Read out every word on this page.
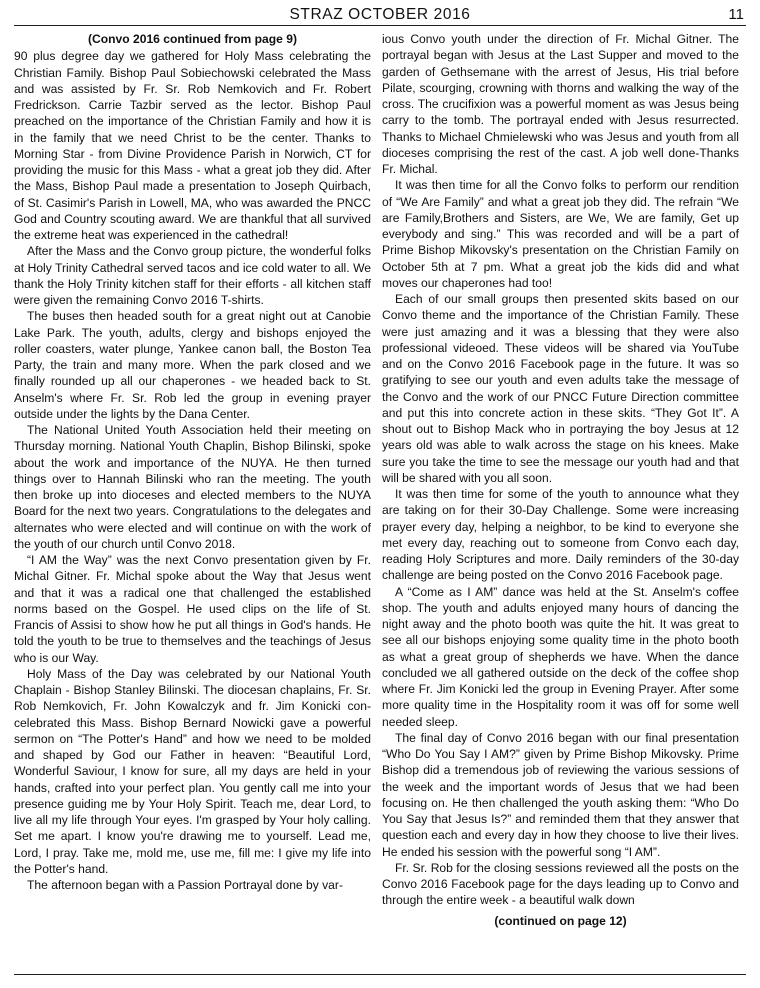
STRAZ OCTOBER 2016	11
(Convo 2016 continued from page 9)

90 plus degree day we gathered for Holy Mass celebrating the Christian Family. Bishop Paul Sobiechowski celebrated the Mass and was assisted by Fr. Sr. Rob Nemkovich and Fr. Robert Fredrickson. Carrie Tazbir served as the lector. Bishop Paul preached on the importance of the Christian Family and how it is in the family that we need Christ to be the center. Thanks to Morning Star - from Divine Providence Parish in Norwich, CT for providing the music for this Mass - what a great job they did. After the Mass, Bishop Paul made a presentation to Joseph Quirbach, of St. Casimir's Parish in Lowell, MA, who was awarded the PNCC God and Country scouting award. We are thankful that all survived the extreme heat was experienced in the cathedral!

After the Mass and the Convo group picture, the wonderful folks at Holy Trinity Cathedral served tacos and ice cold water to all. We thank the Holy Trinity kitchen staff for their efforts - all kitchen staff were given the remaining Convo 2016 T-shirts.

The buses then headed south for a great night out at Canobie Lake Park. The youth, adults, clergy and bishops enjoyed the roller coasters, water plunge, Yankee canon ball, the Boston Tea Party, the train and many more. When the park closed and we finally rounded up all our chaperones - we headed back to St. Anselm's where Fr. Sr. Rob led the group in evening prayer outside under the lights by the Dana Center.

The National United Youth Association held their meeting on Thursday morning. National Youth Chaplin, Bishop Bilinski, spoke about the work and importance of the NUYA. He then turned things over to Hannah Bilinski who ran the meeting. The youth then broke up into dioceses and elected members to the NUYA Board for the next two years. Congratulations to the delegates and alternates who were elected and will continue on with the work of the youth of our church until Convo 2018.

“I AM the Way” was the next Convo presentation given by Fr. Michal Gitner. Fr. Michal spoke about the Way that Jesus went and that it was a radical one that challenged the established norms based on the Gospel. He used clips on the life of St. Francis of Assisi to show how he put all things in God's hands. He told the youth to be true to themselves and the teachings of Jesus who is our Way.

Holy Mass of the Day was celebrated by our National Youth Chaplain - Bishop Stanley Bilinski. The diocesan chaplains, Fr. Sr. Rob Nemkovich, Fr. John Kowalczyk and fr. Jim Konicki con-celebrated this Mass. Bishop Bernard Nowicki gave a powerful sermon on “The Potter's Hand” and how we need to be molded and shaped by God our Father in heaven: “Beautiful Lord, Wonderful Saviour, I know for sure, all my days are held in your hands, crafted into your perfect plan. You gently call me into your presence guiding me by Your Holy Spirit. Teach me, dear Lord, to live all my life through Your eyes. I'm grasped by Your holy calling. Set me apart. I know you're drawing me to yourself. Lead me, Lord, I pray. Take me, mold me, use me, fill me: I give my life into the Potter's hand.

The afternoon began with a Passion Portrayal done by var-

ious Convo youth under the direction of Fr. Michal Gitner. The portrayal began with Jesus at the Last Supper and moved to the garden of Gethsemane with the arrest of Jesus, His trial before Pilate, scourging, crowning with thorns and walking the way of the cross. The crucifixion was a powerful moment as was Jesus being carry to the tomb. The portrayal ended with Jesus resurrected. Thanks to Michael Chmielewski who was Jesus and youth from all dioceses comprising the rest of the cast. A job well done-Thanks Fr. Michal.

It was then time for all the Convo folks to perform our rendition of “We Are Family” and what a great job they did. The refrain “We are Family,Brothers and Sisters, are We, We are family, Get up everybody and sing.” This was recorded and will be a part of Prime Bishop Mikovsky's presentation on the Christian Family on October 5th at 7 pm. What a great job the kids did and what moves our chaperones had too!

Each of our small groups then presented skits based on our Convo theme and the importance of the Christian Family. These were just amazing and it was a blessing that they were also professional videoed. These videos will be shared via YouTube and on the Convo 2016 Facebook page in the future. It was so gratifying to see our youth and even adults take the message of the Convo and the work of our PNCC Future Direction committee and put this into concrete action in these skits. “They Got It”. A shout out to Bishop Mack who in portraying the boy Jesus at 12 years old was able to walk across the stage on his knees. Make sure you take the time to see the message our youth had and that will be shared with you all soon.

It was then time for some of the youth to announce what they are taking on for their 30-Day Challenge. Some were increasing prayer every day, helping a neighbor, to be kind to everyone she met every day, reaching out to someone from Convo each day, reading Holy Scriptures and more. Daily reminders of the 30-day challenge are being posted on the Convo 2016 Facebook page.

A “Come as I AM” dance was held at the St. Anselm's coffee shop. The youth and adults enjoyed many hours of dancing the night away and the photo booth was quite the hit. It was great to see all our bishops enjoying some quality time in the photo booth as what a great group of shepherds we have. When the dance concluded we all gathered outside on the deck of the coffee shop where Fr. Jim Konicki led the group in Evening Prayer. After some more quality time in the Hospitality room it was off for some well needed sleep.

The final day of Convo 2016 began with our final presentation “Who Do You Say I AM?” given by Prime Bishop Mikovsky. Prime Bishop did a tremendous job of reviewing the various sessions of the week and the important words of Jesus that we had been focusing on. He then challenged the youth asking them: “Who Do You Say that Jesus Is?” and reminded them that they answer that question each and every day in how they choose to live their lives. He ended his session with the powerful song “I AM”.

Fr. Sr. Rob for the closing sessions reviewed all the posts on the Convo 2016 Facebook page for the days leading up to Convo and through the entire week - a beautiful walk down

(continued on page 12)
